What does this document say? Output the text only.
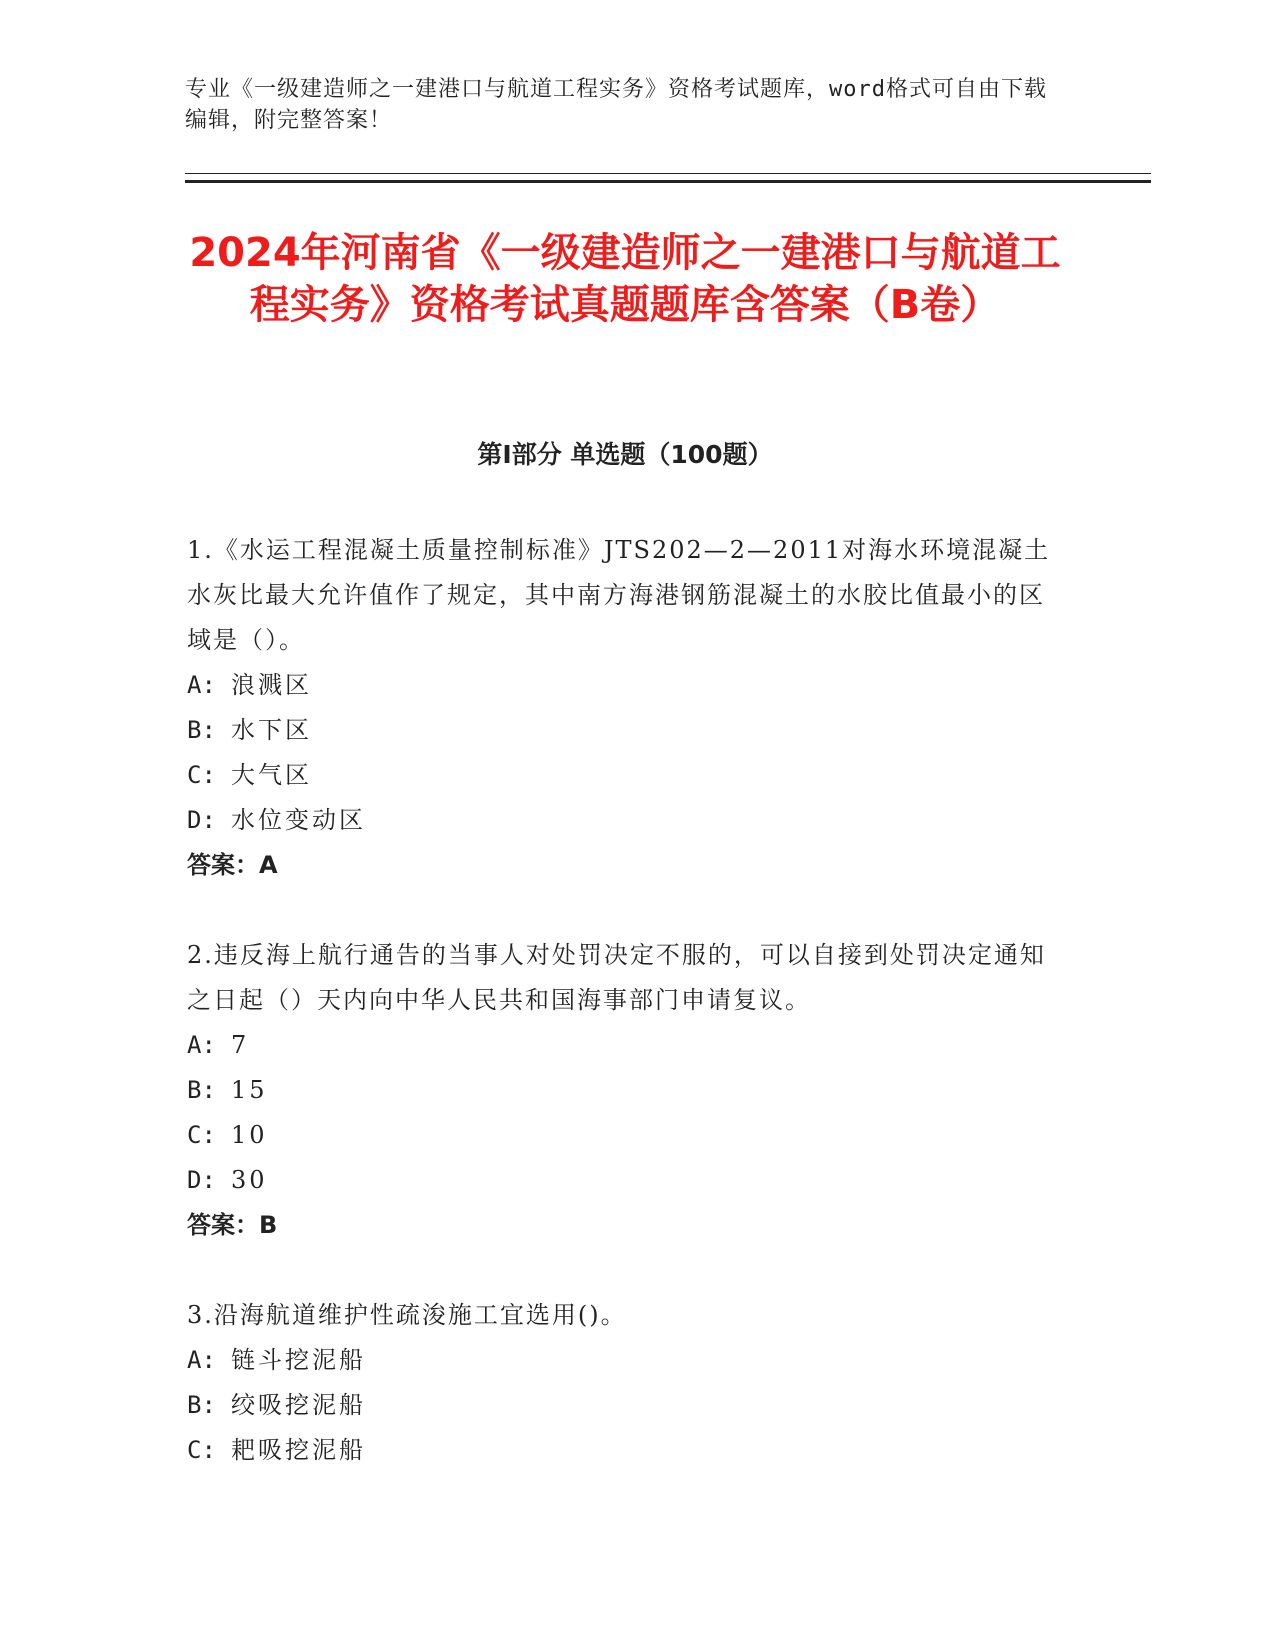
专业《一级建造师之一建港口与航道工程实务》资格考试题库，word格式可自由下载编辑，附完整答案！
2024年河南省《一级建造师之一建港口与航道工程实务》资格考试真题题库含答案（B卷）
第I部分 单选题（100题）

1.《水运工程混凝土质量控制标准》JTS202—2—2011对海水环境混凝土水灰比最大允许值作了规定，其中南方海港钢筋混凝土的水胶比值最小的区域是（）。

A: 浪溅区

B: 水下区

C: 大气区

D: 水位变动区

答案：A

2.违反海上航行通告的当事人对处罚决定不服的，可以自接到处罚决定通知之日起（）天内向中华人民共和国海事部门申请复议。

A: 7

B: 15

C: 10

D: 30

答案：B

3.沿海航道维护性疏浚施工宜选用()。

A: 链斗挖泥船

B: 绞吸挖泥船

C: 耙吸挖泥船
